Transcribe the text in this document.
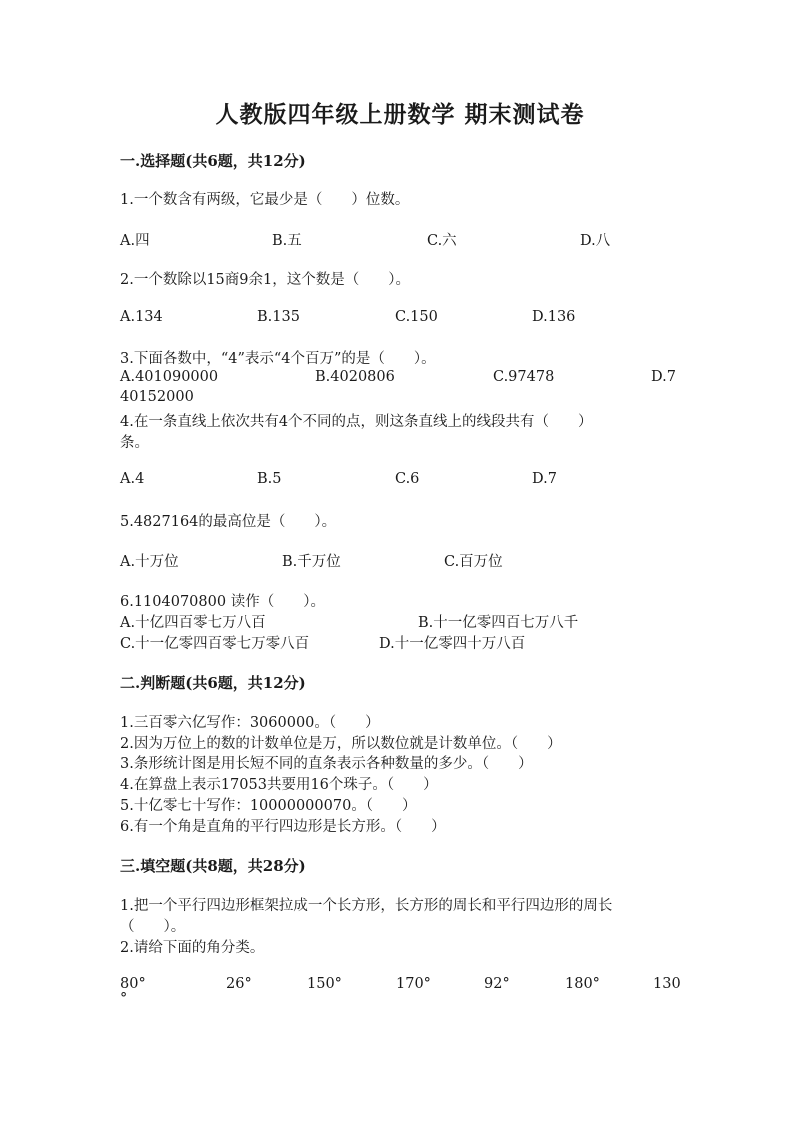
人教版四年级上册数学 期末测试卷
一.选择题(共6题，共12分)
1.一个数含有两级，它最少是（　　）位数。
A.四	B.五	C.六	D.八
2.一个数除以15商9余1，这个数是（　　）。
A.134	B.135	C.150	D.136
3.下面各数中，“4”表示“4个百万”的是（　　）。
A.401090000	B.4020806	C.97478	D.7
40152000
4.在一条直线上依次共有4个不同的点，则这条直线上的线段共有（　　）
条。
A.4	B.5	C.6	D.7
5.4827164的最高位是（　　）。
A.十万位	B.千万位	C.百万位
6.1104070800 读作（　　）。
A.十亿四百零七万八百	B.十一亿零四百七万八千
C.十一亿零四百零七万零八百	D.十一亿零四十万八百
二.判断题(共6题，共12分)
1.三百零六亿写作：3060000。（　　）
2.因为万位上的数的计数单位是万，所以数位就是计数单位。（　　）
3.条形统计图是用长短不同的直条表示各种数量的多少。（　　）
4.在算盘上表示17053共要用16个珠子。（　　）
5.十亿零七十写作：10000000070。（　　）
6.有一个角是直角的平行四边形是长方形。（　　）
三.填空题(共8题，共28分)
1.把一个平行四边形框架拉成一个长方形，长方形的周长和平行四边形的周长
（　　）。
2.请给下面的角分类。
80°	26°	150°	170°	92°	180°	130
°
